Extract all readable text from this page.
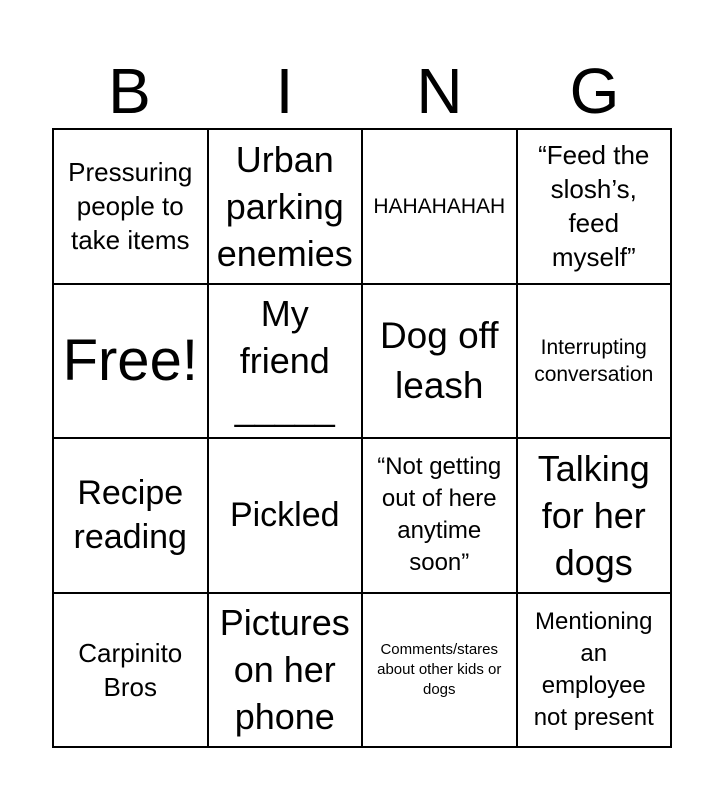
B	I	N	G
Pressuring people to take items
Urban parking enemies
HAHAHAHAH
“Feed the slosh’s, feed myself”
Free!
My friend _____
Dog off leash
Interrupting conversation
Recipe reading
Pickled
“Not getting out of here anytime soon”
Talking for her dogs
Carpinito Bros
Pictures on her phone
Comments/stares about other kids or dogs
Mentioning an employee not present
